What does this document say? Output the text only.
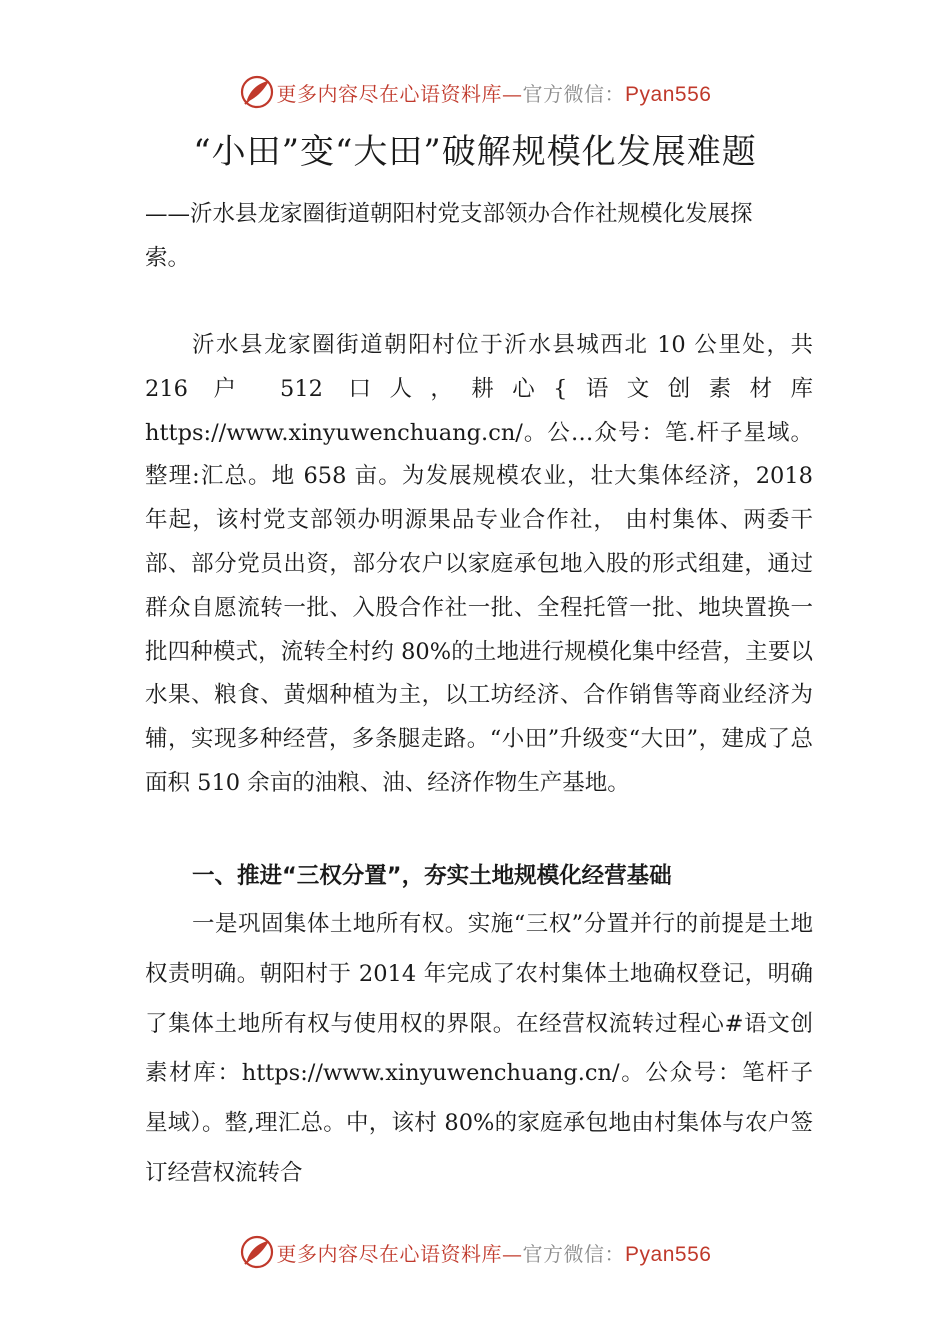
更多内容尽在心语资料库—官方微信：Pyan556
“小田”变“大田”破解规模化发展难题
——沂水县龙家圈街道朝阳村党支部领办合作社规模化发展探索。
沂水县龙家圈街道朝阳村位于沂水县城西北 10 公里处，共 216 户 512 口人，耕心{语文创素材库 https://www.xinyuwenchuang.cn/。公…众号：笔.杆子星域。整理:汇总。地 658 亩。为发展规模农业，壮大集体经济，2018 年起，该村党支部领办明源果品专业合作社， 由村集体、两委干部、部分党员出资，部分农户以家庭承包地入股的形式组建，通过群众自愿流转一批、入股合作社一批、全程托管一批、地块置换一批四种模式，流转全村约 80%的土地进行规模化集中经营，主要以水果、粮食、黄烟种植为主，以工坊经济、合作销售等商业经济为辅，实现多种经营，多条腿走路。“小田”升级变“大田”，建成了总面积 510 余亩的油粮、油、经济作物生产基地。
一、推进“三权分置”，夯实土地规模化经营基础
一是巩固集体土地所有权。实施“三权”分置并行的前提是土地权责明确。朝阳村于 2014 年完成了农村集体土地确权登记，明确了集体土地所有权与使用权的界限。在经营权流转过程心#语文创素材库：https://www.xinyuwenchuang.cn/。公众号：笔杆子星域）。整,理汇总。中，该村 80%的家庭承包地由村集体与农户签订经营权流转合
更多内容尽在心语资料库—官方微信：Pyan556
